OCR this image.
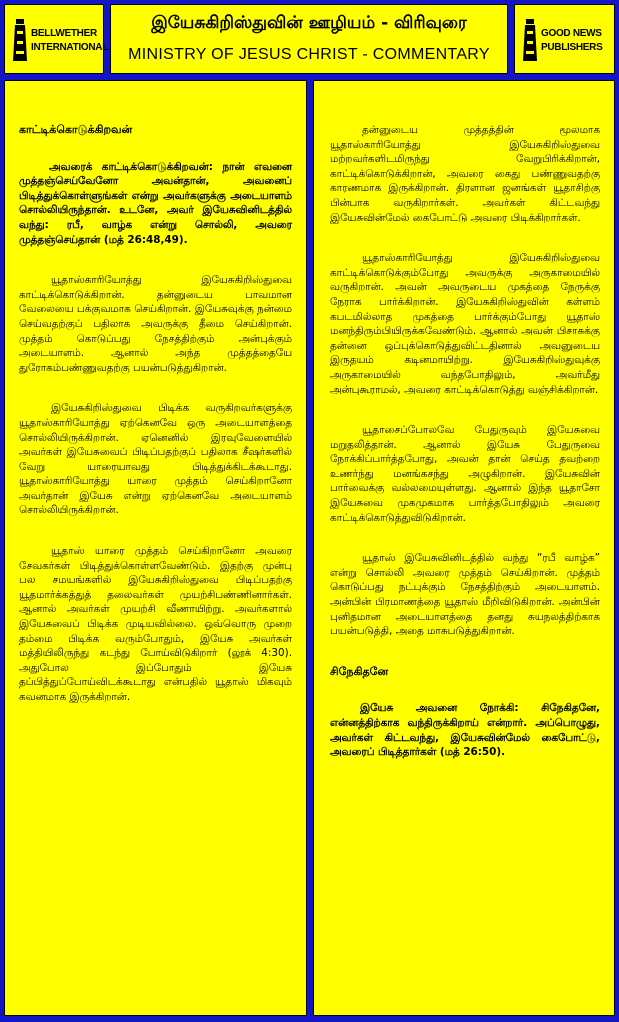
BELLWETHER INTERNATIONAL
இயேசுகிறிஸ்துவின் ஊழியம் - விரிவுரை
MINISTRY OF JESUS CHRIST - COMMENTARY
GOOD NEWS PUBLISHERS

காட்டிக்கொடுக்கிறவன்

அவரைக் காட்டிக்கொடுக்கிறவன்: நான் எவனை முத்தஞ்செய்வேனோ அவன்தான், அவனைப் பிடித்துக்கொள்ளுங்கள் என்று அவர்களுக்கு அடையாளம் சொல்லியிருந்தான். உடனே, அவர் இயேசுவினிடத்தில் வந்து: ரபீ, வாழ்க என்று சொல்லி, அவரை முத்தஞ்செய்தான் (மத் 26:48,49).

யூதாஸ்காரியோத்து இயேசுகிறிஸ்துவை காட்டிக்கொடுக்கிறான். தன்னுடைய பாவமான வேலையை பக்குவமாக செய்கிறான். இயேசுவுக்கு நன்மை செய்வதற்குப் பதிலாக அவருக்கு தீமை செய்கிறான். முத்தம் கொடுப்பது நேசத்திற்கும் அன்புக்கும் அடையாளம். ஆனால் அந்த முத்தத்தையே துரோகம்பண்ணுவதற்கு பயன்படுத்துகிறான்.

இயேசுகிறிஸ்துவை பிடிக்க வருகிறவர்களுக்கு யூதாஸ்காரியோத்து ஏற்கெனவே ஒரு அடையாளத்தை சொல்லியிருக்கிறான். ஏனெனில் இரவுவேளையில் அவர்கள் இயேசுவைப் பிடிப்பதற்குப் பதிலாக சீஷர்களில் வேறு யாரையாவது பிடித்துக்கிடக்கூடாது. யூதாஸ்காரியோத்து யாரை முத்தம் செய்கிறானோ அவர்தான் இயேசு என்று ஏற்கெனவே அடையாளம் சொல்லியிருக்கிறான்.

யூதாஸ் யாரை முத்தம் செய்கிறானோ அவரை சேவகர்கள் பிடித்துக்கொள்ளவேண்டும். இதற்கு முன்பு பல சமயங்களில் இயேசுகிறிஸ்துவை பிடிப்பதற்கு யூதமார்க்கத்துத் தலைவர்கள் முயற்சிபண்ணினார்கள். ஆனால் அவர்கள் முயற்சி வீணாயிற்று. அவர்களால் இயேசுவைப் பிடிக்க முடியவில்லை. ஒவ்வொரு முறை தம்மை பிடிக்க வரும்போதும், இயேசு அவர்கள் மத்தியிலிருந்து கடந்து போய்விடுகிறார் (லூக் 4:30). அதுபோல இப்போதும் இயேசு தப்பித்துப்போய்விடக்கூடாது என்பதில் யூதாஸ் மிகவும் கவனமாக இருக்கிறான்.

தன்னுடைய முத்தத்தின் மூலமாக யூதாஸ்காரியோத்து இயேசுகிறிஸ்துவை மற்றவர்களிடமிருந்து வேறுபிரிக்கிறான், காட்டிக்கொடுக்கிறான், அவரை கைது பண்ணுவதற்கு காரணமாக இருக்கிறான். திரளான ஜனங்கள் யூதாசிற்கு பின்பாக வருகிறார்கள். அவர்கள் கிட்டவந்து இயேசுவின்மேல் கைபோட்டு அவரை பிடிக்கிறார்கள்.

யூதாஸ்காரியோத்து இயேசுகிறிஸ்துவை காட்டிக்கொடுக்கும்போது அவருக்கு அருகாமையில் வருகிறான். அவன் அவருடைய முகத்தை நேருக்கு நேராக பார்க்கிறான். இயேசுகிறிஸ்துவின் கள்ளம் கபடமில்லாத முகத்தை பார்க்கும்போது யூதாஸ் மனந்திரும்பியிருக்கவேண்டும். ஆனால் அவன் பிசாசுக்கு தன்னை ஒப்புக்கொடுத்துவிட்டதினால் அவனுடைய இருதயம் கடினமாயிற்று. இயேசுகிறிஸ்துவுக்கு அருகாமையில் வந்தபோதிலும், அவர்மீது அன்புகூராமல், அவரை காட்டிக்கொடுத்து வஞ்சிக்கிறான்.

யூதாசைப்போலவே பேதுருவும் இயேசுவை மறுதலித்தான். ஆனால் இயேசு பேதுருவை நோக்கிப்பார்த்தபோது, அவன் தான் செய்த தவற்றை உணர்ந்து மனங்கசந்து அழுகிறான். இயேசுவின் பார்வைக்கு வல்லமையுள்ளது. ஆனால் இந்த யூதாசோ இயேசுவை முகமுகமாக பார்த்தபோதிலும் அவரை காட்டிக்கொடுத்துவிடுகிறான்.

யூதாஸ் இயேசுவினிடத்தில் வந்து “ரபீ வாழ்க” என்று சொல்லி அவரை முத்தம் செய்கிறான். முத்தம் கொடுப்பது நட்புக்கும் நேசத்திற்கும் அடையாளம். அன்பின் பிரமாணத்தை யூதாஸ் மீறிவிடுகிறான். அன்பின் புனிதமான அடையாளத்தை தனது சுயநலத்திற்காக பயன்படுத்தி, அதை மாசுபடுத்துகிறான்.

சிநேகிதனே

இயேசு அவனை நோக்கி: சிநேகிதனே, என்னத்திற்காக வந்திருக்கிறாய் என்றார். அப்பொழுது, அவர்கள் கிட்டவந்து, இயேசுவின்மேல் கைபோட்டு, அவரைப் பிடித்தார்கள் (மத் 26:50).
